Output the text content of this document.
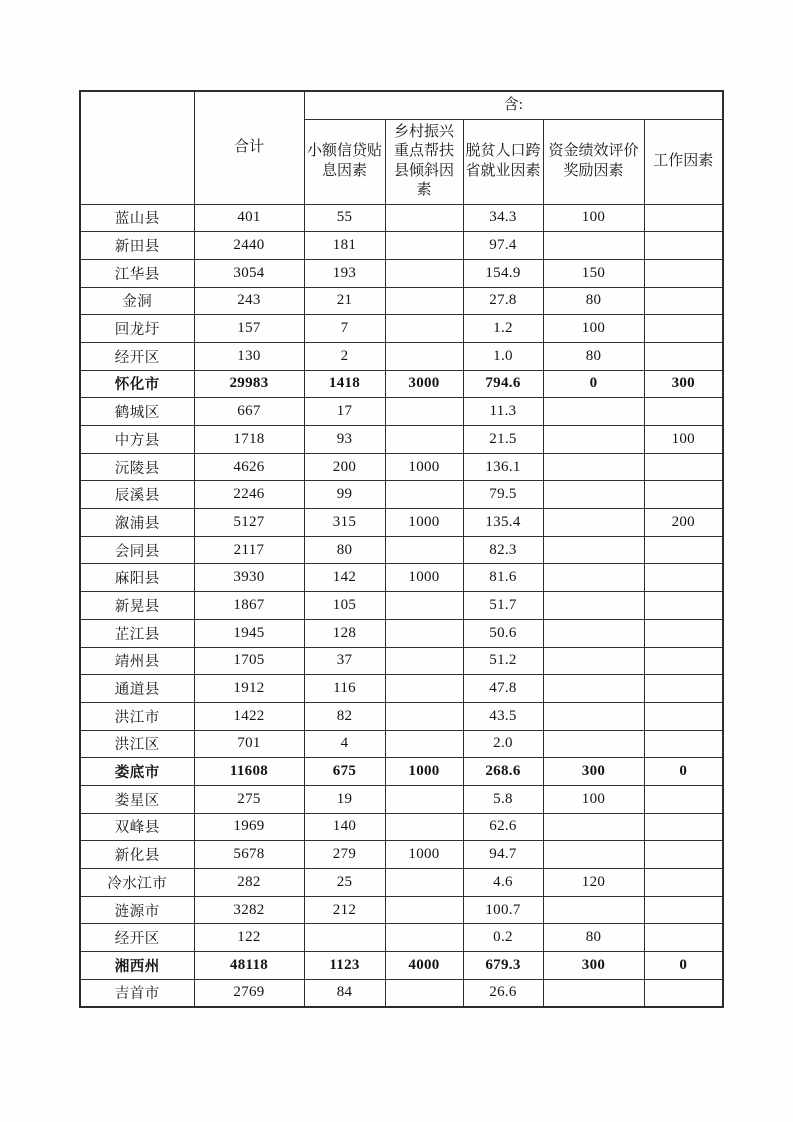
	合计	含:				
		小额信贷贴息因素	乡村振兴重点帮扶县倾斜因素	脱贫人口跨省就业因素	资金绩效评价奖励因素	工作因素
蓝山县	401	55		34.3	100	
新田县	2440	181		97.4		
江华县	3054	193		154.9	150	
金洞	243	21		27.8	80	
回龙圩	157	7		1.2	100	
经开区	130	2		1.0	80	
怀化市	29983	1418	3000	794.6	0	300
鹤城区	667	17		11.3		
中方县	1718	93		21.5		100
沅陵县	4626	200	1000	136.1		
辰溪县	2246	99		79.5		
溆浦县	5127	315	1000	135.4		200
会同县	2117	80		82.3		
麻阳县	3930	142	1000	81.6		
新晃县	1867	105		51.7		
芷江县	1945	128		50.6		
靖州县	1705	37		51.2		
通道县	1912	116		47.8		
洪江市	1422	82		43.5		
洪江区	701	4		2.0		
娄底市	11608	675	1000	268.6	300	0
娄星区	275	19		5.8	100	
双峰县	1969	140		62.6		
新化县	5678	279	1000	94.7		
冷水江市	282	25		4.6	120	
涟源市	3282	212		100.7		
经开区	122			0.2	80	
湘西州	48118	1123	4000	679.3	300	0
吉首市	2769	84		26.6		
